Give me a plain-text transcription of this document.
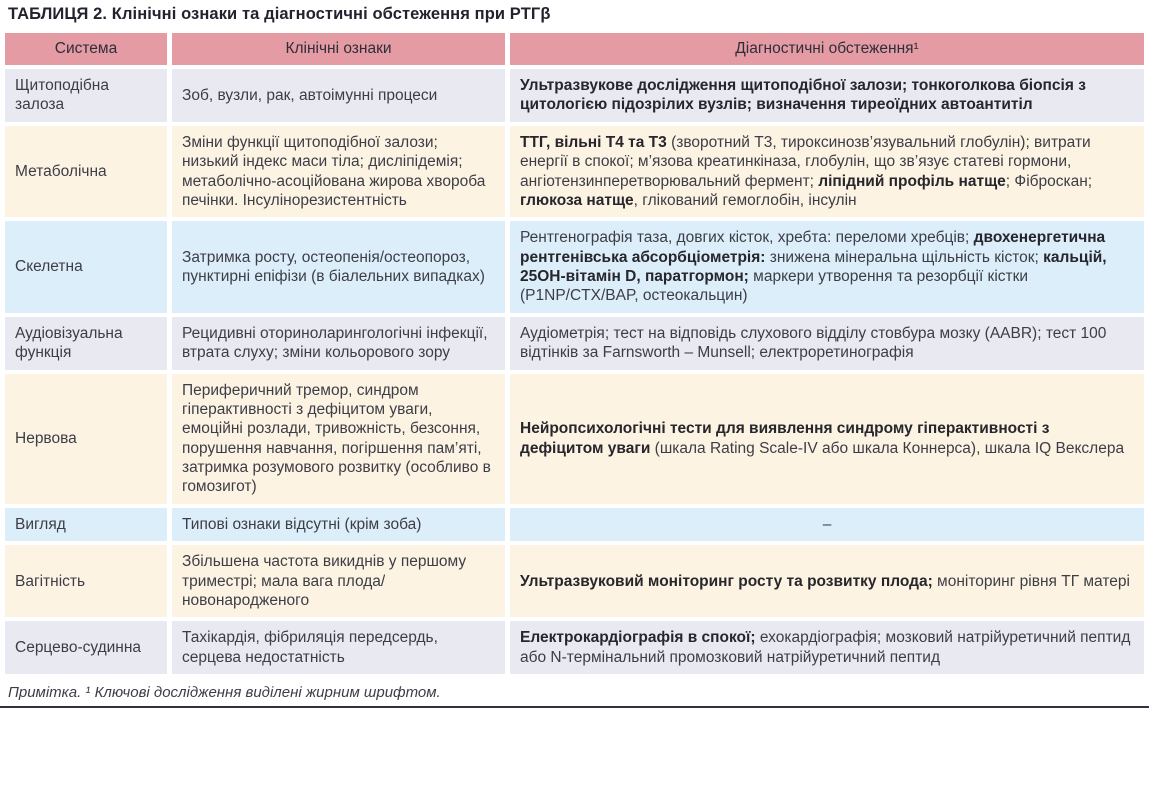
ТАБЛИЦЯ 2. Клінічні ознаки та діагностичні обстеження при РТГβ
Система	Клінічні ознаки	Діагностичні обстеження¹
Щитоподібна залоза	Зоб, вузли, рак, автоімунні процеси	Ультразвукове дослідження щитоподібної залози; тонкоголкова біопсія з цитологією підозрілих вузлів; визначення тиреоїдних автоантитіл
Метаболічна	Зміни функції щитоподібної залози; низький індекс маси тіла; дисліпідемія; метаболічно-асоційована жирова хвороба печінки. Інсулінорезистентність	ТТГ, вільні Т4 та Т3 (зворотний Т3, тироксинозв’язувальний глобулін); витрати енергії в спокої; м’язова креатинкіназа, глобулін, що зв’язує статеві гормони, ангіотензинперетворювальний фермент; ліпідний профіль натще; Фіброскан; глюкоза натще, глікований гемоглобін, інсулін
Скелетна	Затримка росту, остеопенія/остеопороз, пунктирні епіфізи (в біалельних випадках)	Рентгенографія таза, довгих кісток, хребта: переломи хребців; двохенергетична рентгенівська абсорбціометрія: знижена мінеральна щільність кісток; кальцій, 25OH-вітамін D, паратгормон; маркери утворення та резорбції кістки (P1NP/CTX/BAP, остеокальцин)
Аудіовізуальна функція	Рецидивні оториноларингологічні інфекції, втрата слуху; зміни кольорового зору	Аудіометрія; тест на відповідь слухового відділу стовбура мозку (AABR); тест 100 відтінків за Farnsworth – Munsell; електроретинографія
Нервова	Периферичний тремор, синдром гіперактивності з дефіцитом уваги, емоційні розлади, тривожність, безсоння, порушення навчання, погіршення пам’яті, затримка розумового розвитку (особливо в гомозигот)	Нейропсихологічні тести для виявлення синдрому гіперактивності з дефіцитом уваги (шкала Rating Scale-IV або шкала Коннерса), шкала IQ Векслера
Вигляд	Типові ознаки відсутні (крім зоба)	–
Вагітність	Збільшена частота викиднів у першому триместрі; мала вага плода/новонародженого	Ультразвуковий моніторинг росту та розвитку плода; моніторинг рівня ТГ матері
Серцево-судинна	Тахікардія, фібриляція передсердь, серцева недостатність	Електрокардіографія в спокої; ехокардіографія; мозковий натрійуретичний пептид або N-термінальний промозковий натрійуретичний пептид
Примітка. ¹ Ключові дослідження виділені жирним шрифтом.
